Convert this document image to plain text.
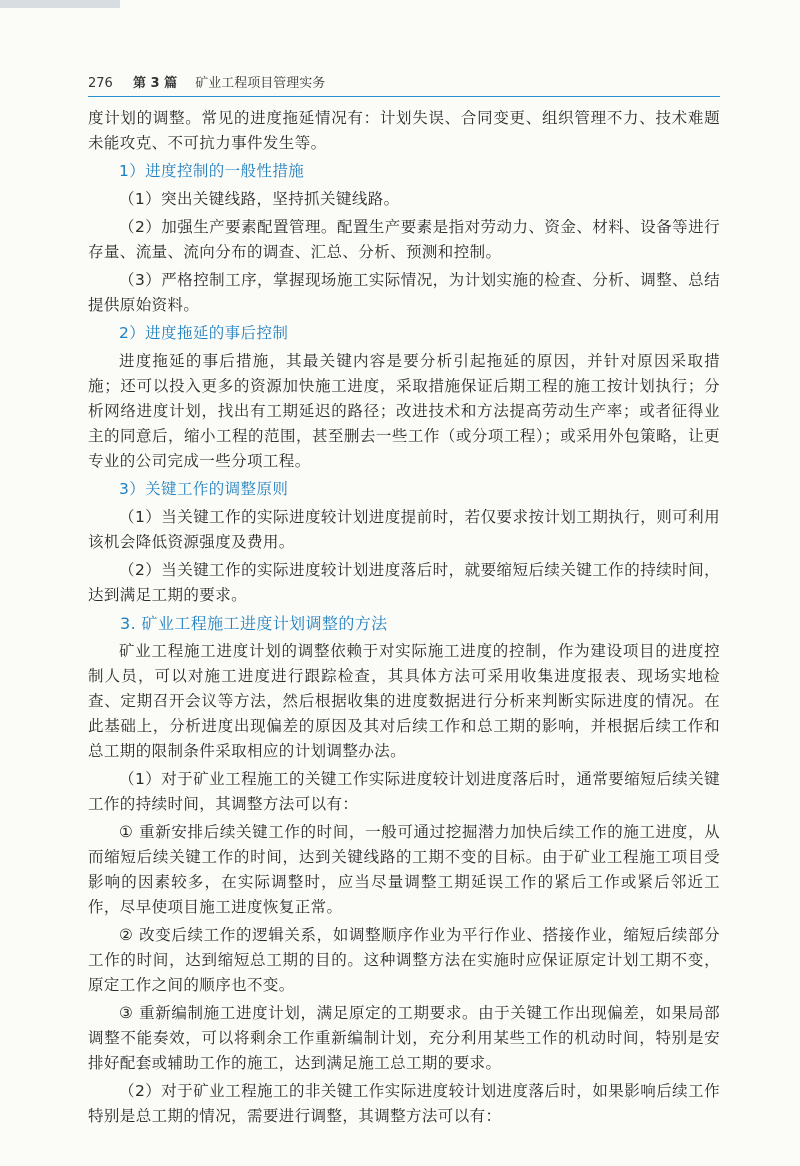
276 第 3 篇 矿业工程项目管理实务

度计划的调整。常见的进度拖延情况有：计划失误、合同变更、组织管理不力、技术难题未能攻克、不可抗力事件发生等。

1）进度控制的一般性措施

（1）突出关键线路，坚持抓关键线路。

（2）加强生产要素配置管理。配置生产要素是指对劳动力、资金、材料、设备等进行存量、流量、流向分布的调查、汇总、分析、预测和控制。

（3）严格控制工序，掌握现场施工实际情况，为计划实施的检查、分析、调整、总结提供原始资料。

2）进度拖延的事后控制

进度拖延的事后措施，其最关键内容是要分析引起拖延的原因，并针对原因采取措施；还可以投入更多的资源加快施工进度，采取措施保证后期工程的施工按计划执行；分析网络进度计划，找出有工期延迟的路径；改进技术和方法提高劳动生产率；或者征得业主的同意后，缩小工程的范围，甚至删去一些工作（或分项工程）；或采用外包策略，让更专业的公司完成一些分项工程。

3）关键工作的调整原则

（1）当关键工作的实际进度较计划进度提前时，若仅要求按计划工期执行，则可利用该机会降低资源强度及费用。

（2）当关键工作的实际进度较计划进度落后时，就要缩短后续关键工作的持续时间，达到满足工期的要求。

3. 矿业工程施工进度计划调整的方法

矿业工程施工进度计划的调整依赖于对实际施工进度的控制，作为建设项目的进度控制人员，可以对施工进度进行跟踪检查，其具体方法可采用收集进度报表、现场实地检查、定期召开会议等方法，然后根据收集的进度数据进行分析来判断实际进度的情况。在此基础上，分析进度出现偏差的原因及其对后续工作和总工期的影响，并根据后续工作和总工期的限制条件采取相应的计划调整办法。

（1）对于矿业工程施工的关键工作实际进度较计划进度落后时，通常要缩短后续关键工作的持续时间，其调整方法可以有：

① 重新安排后续关键工作的时间，一般可通过挖掘潜力加快后续工作的施工进度，从而缩短后续关键工作的时间，达到关键线路的工期不变的目标。由于矿业工程施工项目受影响的因素较多，在实际调整时，应当尽量调整工期延误工作的紧后工作或紧后邻近工作，尽早使项目施工进度恢复正常。

② 改变后续工作的逻辑关系，如调整顺序作业为平行作业、搭接作业，缩短后续部分工作的时间，达到缩短总工期的目的。这种调整方法在实施时应保证原定计划工期不变，原定工作之间的顺序也不变。

③ 重新编制施工进度计划，满足原定的工期要求。由于关键工作出现偏差，如果局部调整不能奏效，可以将剩余工作重新编制计划，充分利用某些工作的机动时间，特别是安排好配套或辅助工作的施工，达到满足施工总工期的要求。

（2）对于矿业工程施工的非关键工作实际进度较计划进度落后时，如果影响后续工作特别是总工期的情况，需要进行调整，其调整方法可以有：
